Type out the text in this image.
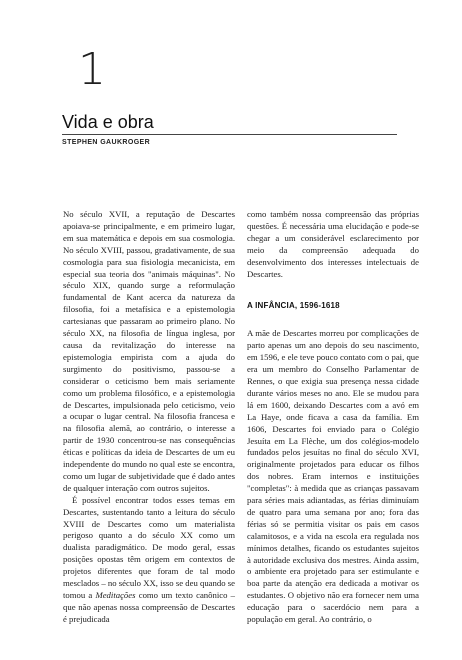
1
Vida e obra
STEPHEN GAUKROGER

No século XVII, a reputação de Descartes apoiava-se principalmente, e em primeiro lugar, em sua matemática e depois em sua cosmologia. No século XVIII, passou, gradativamente, de sua cosmologia para sua fisiologia mecanicista, em especial sua teoria dos "animais máquinas". No século XIX, quando surge a reformulação fundamental de Kant acerca da natureza da filosofia, foi a metafísica e a epistemologia cartesianas que passaram ao primeiro plano. No século XX, na filosofia de língua inglesa, por causa da revitalização do interesse na epistemologia empirista com a ajuda do surgimento do positivismo, passou-se a considerar o ceticismo bem mais seriamente como um problema filosófico, e a epistemologia de Descartes, impulsionada pelo ceticismo, veio a ocupar o lugar central. Na filosofia francesa e na filosofia alemã, ao contrário, o interesse a partir de 1930 concentrou-se nas consequências éticas e políticas da ideia de Descartes de um eu independente do mundo no qual este se encontra, como um lugar de subjetividade que é dado antes de qualquer interação com outros sujeitos.

É possível encontrar todos esses temas em Descartes, sustentando tanto a leitura do século XVIII de Descartes como um materialista perigoso quanto a do século XX como um dualista paradigmático. De modo geral, essas posições opostas têm origem em contextos de projetos diferentes que foram de tal modo mesclados – no século XX, isso se deu quando se tomou a Meditações como um texto canônico – que não apenas nossa compreensão de Descartes é prejudicada

como também nossa compreensão das próprias questões. É necessária uma elucidação e pode-se chegar a um considerável esclarecimento por meio da compreensão adequada do desenvolvimento dos interesses intelectuais de Descartes.

A INFÂNCIA, 1596-1618

A mãe de Descartes morreu por complicações de parto apenas um ano depois do seu nascimento, em 1596, e ele teve pouco contato com o pai, que era um membro do Conselho Parlamentar de Rennes, o que exigia sua presença nessa cidade durante vários meses no ano. Ele se mudou para lá em 1600, deixando Descartes com a avó em La Haye, onde ficava a casa da família. Em 1606, Descartes foi enviado para o Colégio Jesuíta em La Flèche, um dos colégios-modelo fundados pelos jesuítas no final do século XVI, originalmente projetados para educar os filhos dos nobres. Eram internos e instituições "completas": à medida que as crianças passavam para séries mais adiantadas, as férias diminuíam de quatro para uma semana por ano; fora das férias só se permitia visitar os pais em casos calamitosos, e a vida na escola era regulada nos mínimos detalhes, ficando os estudantes sujeitos à autoridade exclusiva dos mestres. Ainda assim, o ambiente era projetado para ser estimulante e boa parte da atenção era dedicada a motivar os estudantes. O objetivo não era fornecer nem uma educação para o sacerdócio nem para a população em geral. Ao contrário, o
